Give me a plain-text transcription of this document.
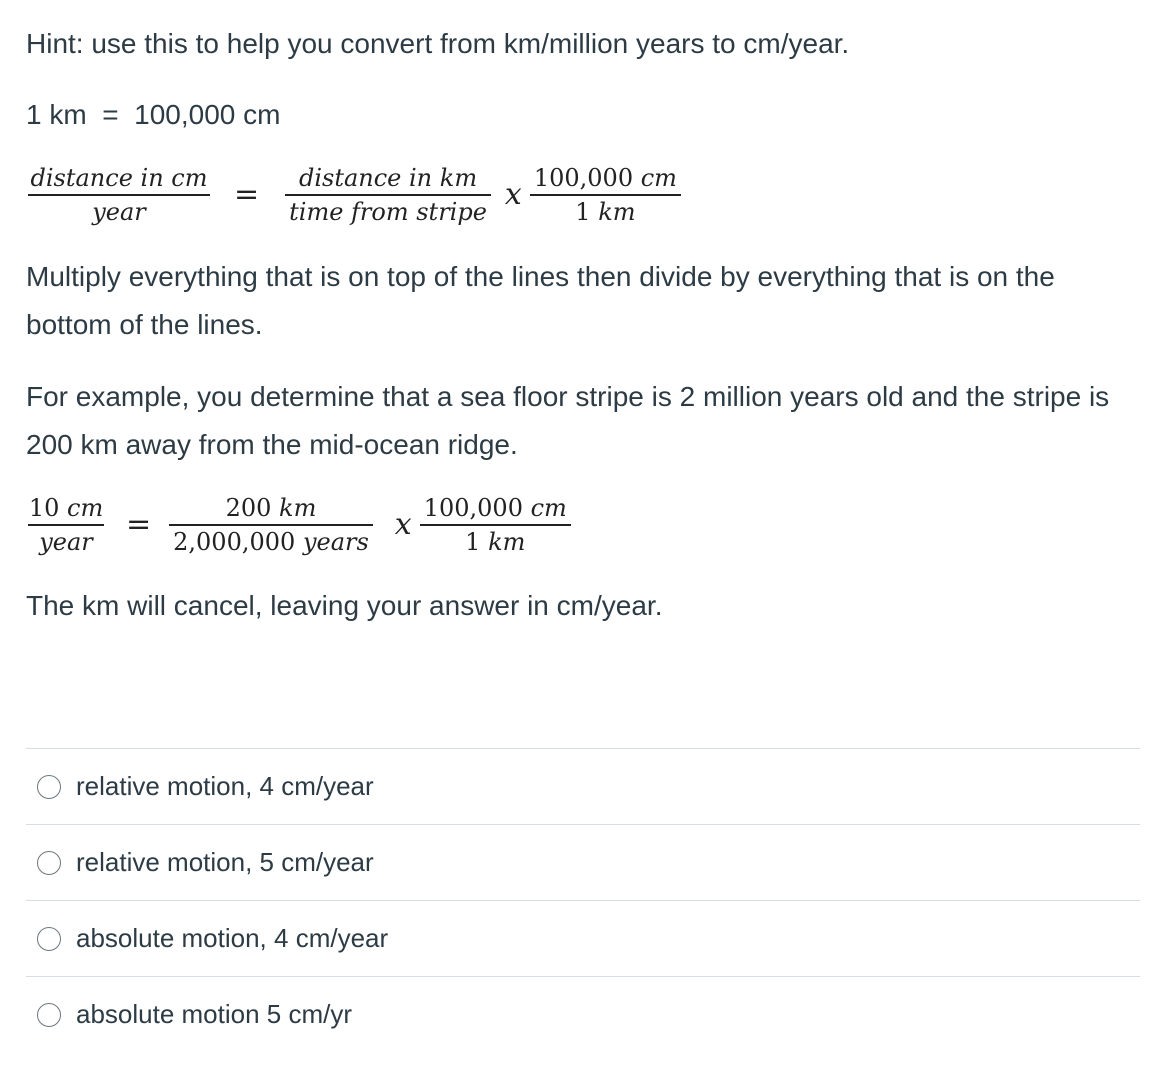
Hint: use this to help you convert from km/million years to cm/year.

1 km  =  100,000 cm

$\frac{\text{distance in cm}}{\text{year}}$ =	$\frac{\text{distance in km}}{\text{time from stripe}}$ x $\frac{100,000 cm}{1 km}$

Multiply everything that is on top of the lines then divide by everything that is on the bottom of the lines.

For example, you determine that a sea floor stripe is 2 million years old and the stripe is 200 km away from the mid-ocean ridge.

$\frac{10 cm}{\text{year}} = \frac{200 km}{\text{2,000,000 years}}$ x $\frac{100,000 cm}{1 km}$

The km will cancel, leaving your answer in cm/year.

relative motion, 4 cm/year
relative motion, 5 cm/year
absolute motion, 4 cm/year
absolute motion 5 cm/yr
